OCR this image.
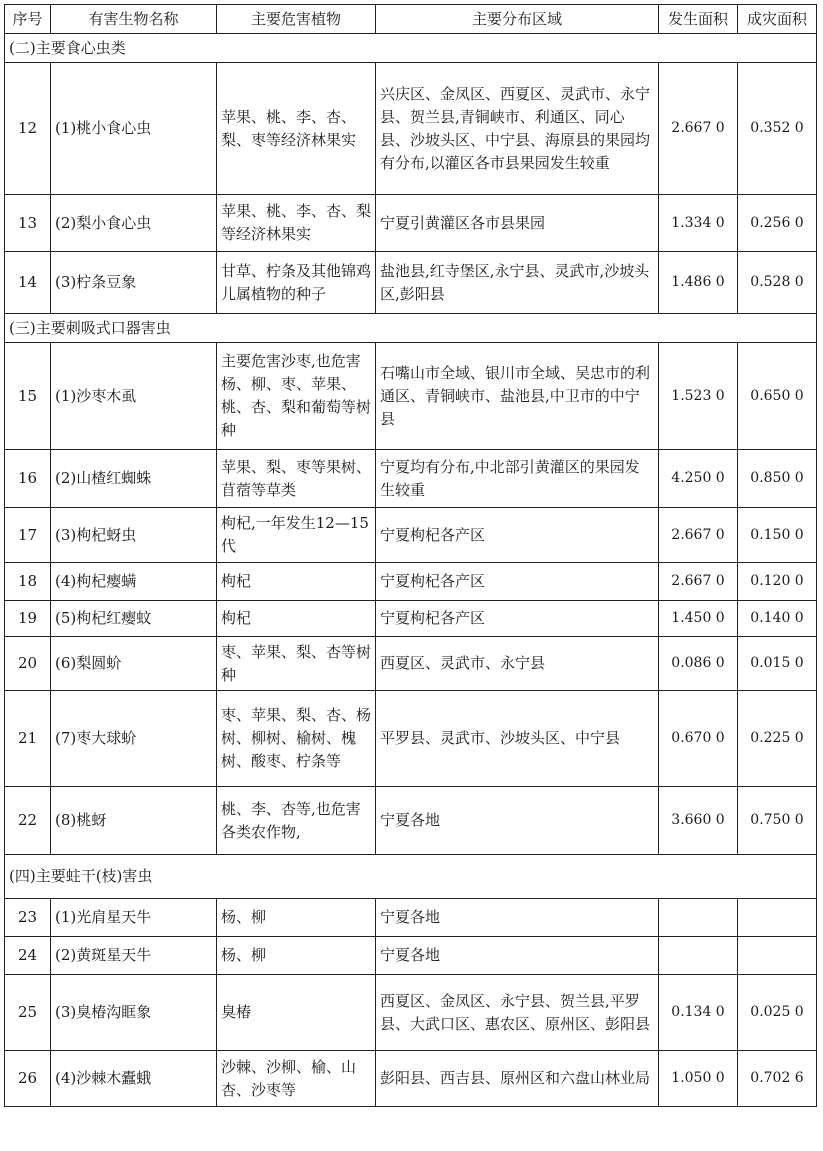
序号	有害生物名称	主要危害植物	主要分布区域	发生面积	成灾面积
(二)主要食心虫类					
12	(1)桃小食心虫	苹果、桃、李、杏、梨、枣等经济林果实	兴庆区、金凤区、西夏区、灵武市、永宁县、贺兰县,青铜峡市、利通区、同心县、沙坡头区、中宁县、海原县的果园均有分布,以灌区各市县果园发生较重	2.667 0	0.352 0
13	(2)梨小食心虫	苹果、桃、李、杏、梨等经济林果实	宁夏引黄灌区各市县果园	1.334 0	0.256 0
14	(3)柠条豆象	甘草、柠条及其他锦鸡儿属植物的种子	盐池县,红寺堡区,永宁县、灵武市,沙坡头区,彭阳县	1.486 0	0.528 0
(三)主要刺吸式口器害虫					
15	(1)沙枣木虱	主要危害沙枣,也危害杨、柳、枣、苹果、桃、杏、梨和葡萄等树种	石嘴山市全域、银川市全域、吴忠市的利通区、青铜峡市、盐池县,中卫市的中宁县	1.523 0	0.650 0
16	(2)山楂红蜘蛛	苹果、梨、枣等果树、苜蓿等草类	宁夏均有分布,中北部引黄灌区的果园发生较重	4.250 0	0.850 0
17	(3)枸杞蚜虫	枸杞,一年发生12—15代	宁夏枸杞各产区	2.667 0	0.150 0
18	(4)枸杞瘿螨	枸杞	宁夏枸杞各产区	2.667 0	0.120 0
19	(5)枸杞红瘿蚊	枸杞	宁夏枸杞各产区	1.450 0	0.140 0
20	(6)梨圆蚧	枣、苹果、梨、杏等树种	西夏区、灵武市、永宁县	0.086 0	0.015 0
21	(7)枣大球蚧	枣、苹果、梨、杏、杨树、柳树、榆树、槐树、酸枣、柠条等	平罗县、灵武市、沙坡头区、中宁县	0.670 0	0.225 0
22	(8)桃蚜	桃、李、杏等,也危害各类农作物,	宁夏各地	3.660 0	0.750 0
(四)主要蛀干(枝)害虫					
23	(1)光肩星天牛	杨、柳	宁夏各地		
24	(2)黄斑星天牛	杨、柳	宁夏各地		
25	(3)臭椿沟眶象	臭椿	西夏区、金凤区、永宁县、贺兰县,平罗县、大武口区、惠农区、原州区、彭阳县	0.134 0	0.025 0
26	(4)沙棘木蠹蛾	沙棘、沙柳、榆、山杏、沙枣等	彭阳县、西吉县、原州区和六盘山林业局	1.050 0	0.702 6
